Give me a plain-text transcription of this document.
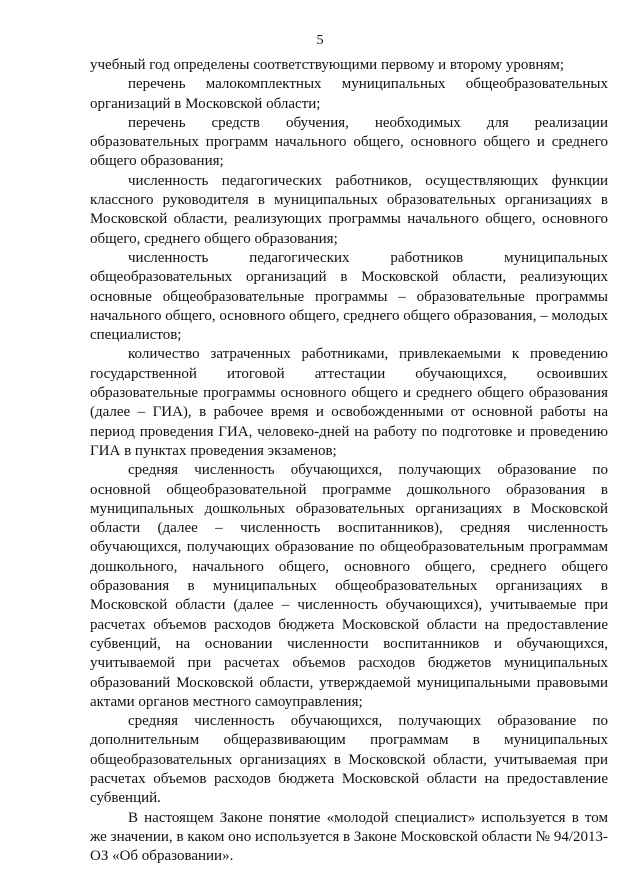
5

учебный год определены соответствующими первому и второму уровням;

перечень малокомплектных муниципальных общеобразовательных организаций в Московской области;

перечень средств обучения, необходимых для реализации образовательных программ начального общего, основного общего и среднего общего образования;

численность педагогических работников, осуществляющих функции классного руководителя в муниципальных образовательных организациях в Московской области, реализующих программы начального общего, основного общего, среднего общего образования;

численность педагогических работников муниципальных общеобразовательных организаций в Московской области, реализующих основные общеобразовательные программы – образовательные программы начального общего, основного общего, среднего общего образования, – молодых специалистов;

количество затраченных работниками, привлекаемыми к проведению государственной итоговой аттестации обучающихся, освоивших образовательные программы основного общего и среднего общего образования (далее – ГИА), в рабочее время и освобожденными от основной работы на период проведения ГИА, человеко-дней на работу по подготовке и проведению ГИА в пунктах проведения экзаменов;

средняя численность обучающихся, получающих образование по основной общеобразовательной программе дошкольного образования в муниципальных дошкольных образовательных организациях в Московской области (далее – численность воспитанников), средняя численность обучающихся, получающих образование по общеобразовательным программам дошкольного, начального общего, основного общего, среднего общего образования в муниципальных общеобразовательных организациях в Московской области (далее – численность обучающихся), учитываемые при расчетах объемов расходов бюджета Московской области на предоставление субвенций, на основании численности воспитанников и обучающихся, учитываемой при расчетах объемов расходов бюджетов муниципальных образований Московской области, утверждаемой муниципальными правовыми актами органов местного самоуправления;

средняя численность обучающихся, получающих образование по дополнительным общеразвивающим программам в муниципальных общеобразовательных организациях в Московской области, учитываемая при расчетах объемов расходов бюджета Московской области на предоставление субвенций.

В настоящем Законе понятие «молодой специалист» используется в том же значении, в каком оно используется в Законе Московской области № 94/2013-ОЗ «Об образовании».
